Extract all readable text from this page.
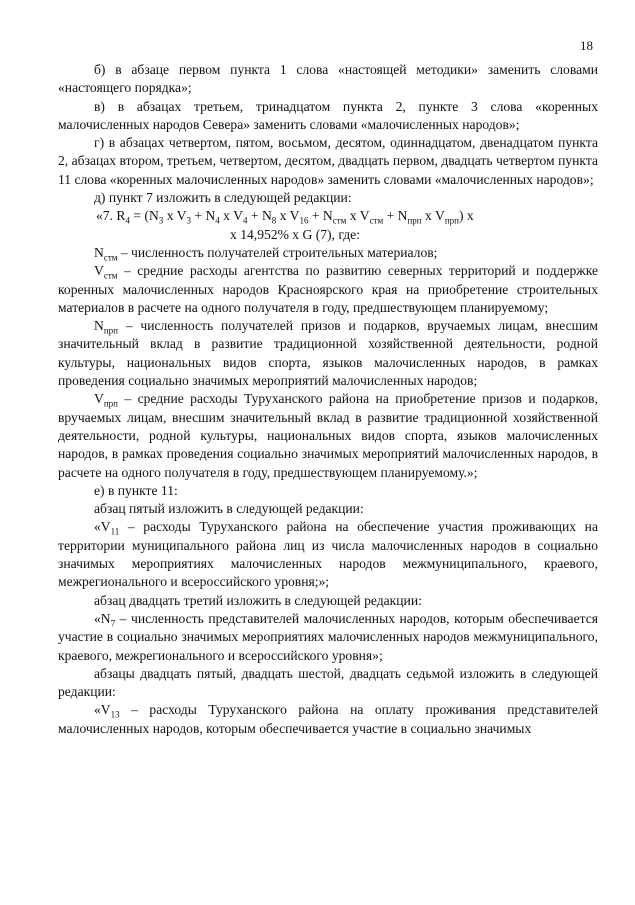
18

б) в абзаце первом пункта 1 слова «настоящей методики» заменить словами «настоящего порядка»;

в) в абзацах третьем, тринадцатом пункта 2, пункте 3 слова «коренных малочисленных народов Севера» заменить словами «малочисленных народов»;

г) в абзацах четвертом, пятом, восьмом, десятом, одиннадцатом, двенадцатом пункта 2, абзацах втором, третьем, четвертом, десятом, двадцать первом, двадцать четвертом пункта 11 слова «коренных малочисленных народов» заменить словами «малочисленных народов»;

д) пункт 7 изложить в следующей редакции:

«7. $R_4 = (N_3$ x $V_3 + N_4$ x $V_4 + N_8$ x $V_{16} + N_{стм}$ x $V_{стм} + N_{прп}$ x $V_{прп}$) x

x 14,952% x G (7), где:

$N_{стм}$ – численность получателей строительных материалов;

$V_{стм}$ – средние расходы агентства по развитию северных территорий и поддержке коренных малочисленных народов Красноярского края на приобретение строительных материалов в расчете на одного получателя в году, предшествующем планируемому;

$N_{прп}$ – численность получателей призов и подарков, вручаемых лицам, внесшим значительный вклад в развитие традиционной хозяйственной деятельности, родной культуры, национальных видов спорта, языков малочисленных народов, в рамках проведения социально значимых мероприятий малочисленных народов;

$V_{прп}$ – средние расходы Туруханского района на приобретение призов и подарков, вручаемых лицам, внесшим значительный вклад в развитие традиционной хозяйственной деятельности, родной культуры, национальных видов спорта, языков малочисленных народов, в рамках проведения социально значимых мероприятий малочисленных народов, в расчете на одного получателя в году, предшествующем планируемому.»;

е) в пункте 11:

абзац пятый изложить в следующей редакции:

«$V_{11}$ – расходы Туруханского района на обеспечение участия проживающих на территории муниципального района лиц из числа малочисленных народов в социально значимых мероприятиях малочисленных народов межмуниципального, краевого, межрегионального и всероссийского уровня;»;

абзац двадцать третий изложить в следующей редакции:

«$N_7$ – численность представителей малочисленных народов, которым обеспечивается участие в социально значимых мероприятиях малочисленных народов межмуниципального, краевого, межрегионального и всероссийского уровня»;

абзацы двадцать пятый, двадцать шестой, двадцать седьмой изложить в следующей редакции:

«$V_{13}$ – расходы Туруханского района на оплату проживания представителей малочисленных народов, которым обеспечивается участие в социально значимых
